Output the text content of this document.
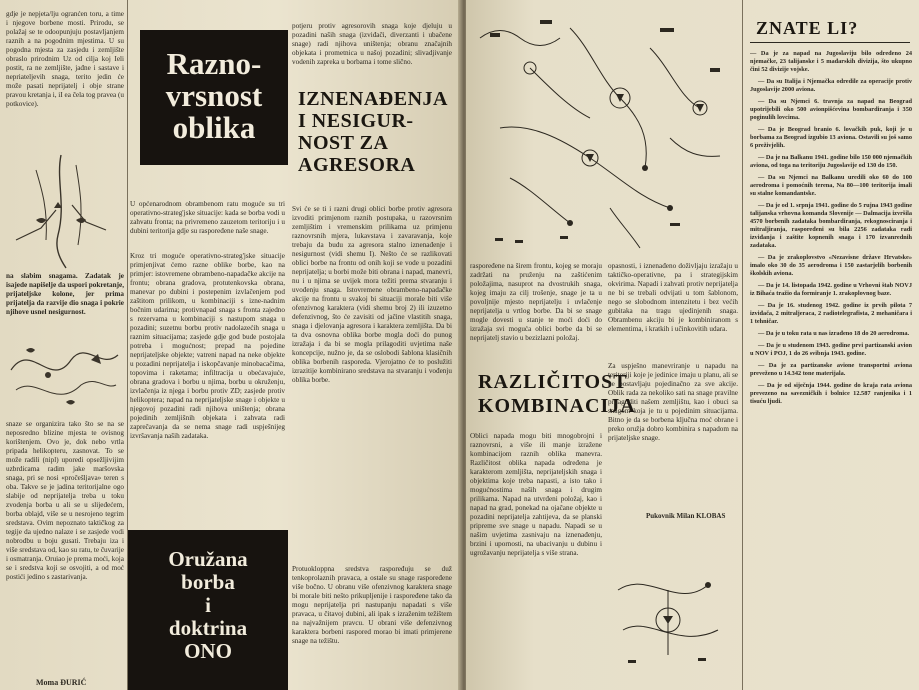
gdje je nepjeta/lju ogranćen toru, a time i njegove borbene mosti. Prirodu, se polažaj se te odoopunjuju postavljanjem raznih a na pogodnim mjestima. U su pogodna mjesta za zasjedu i zemljište obraslo prirodnim Uz od cilja koj Ieli postit, ra ne zemljište, jađne i sastave i nepriateljevih snaga, terito jedin će može pasati neprijatelj i obje strane pravou kretanja i, iI ea čela tog pravea (u potkovice).

na slabim snagama. Zadatak je isajede napišelje da uspori pokretanje, prijateljske kolone, jer prima prijatelja da razvije dio snaga i pokrie njihove usnel nesigurnost.

snaze se organizira tako što se na se neposredno blizine mjesta te ovisnog korištenjem. Ovo je, dok nebo vrtla pripada helikopteru, zasnovat. To se može radili (nipl) uporedi opsežljivijim uzbrdicama radim jake maršovska snaga, pri se nosi «pročešljava» teren s oba. Takve se je jadina teritorijalne ogo slabije od neprijatelja treba u toku zvodenja borba u ali se u slijeđećem, borba oblajd, više se u nesrojeno tegrim sredstava. Ovim nepoznato taktičkog za tegije da ujedno nalaze i se zasjede vodi nobrodbu u boju gusati. Trebaju iza i više sredstava od, kao su ratu, te čuvarije i osmatranja. Oruiao je prema moći, koja se i sredstva koji se osvojiti, a od moć postići jedino s zastarivanja.

Moma ĐURIĆ
Razno-
vrsnost
oblika

U općenarodnom obrambenom ratu moguće su tri operativno-strateg'jske situacije: kada se borba vodi u zahvatu fronta; na privremeno zauzetom teritoriju i u dubini teritorija gdje su raspoređene naše snage.

Kroz tri moguće operativno-strateg'jske situacije primjenjivat ćemo razne oblike borbe, kao na primjer: istovremene obrambeno-napadačke akcije na frontu; obrana gradova, protutenkovska obrana, manevar po dubini i postepenim izvlačenjem pod zaštitom prilikom, u kombinaciji s izne-nadnim bočnim udarima; protivnapad snaga s fronta zajedno s rezervama u kombinaciji s nastupom snaga u pozadini; suzetnu borbu protiv nadolazećih snaga u raznim situacijama; zasjede gdje god bude postojala potreba i mogućnost; prepad na pojedine neprijateljske objekte; vatreni napad na neke objekte u pozadini neprijatelja i iskopčavanje minobacačima, topovima i raketama; infiltracija u obećavajuće, obrana gradova i borbu u njima, borbu u okruženju, izvlačenja iz njega i borbu protiv ZD; zasjede protiv helikoptera; napad na neprijateljske snage i objekte u njegovoj pozadini radi njihova uništenja; obrana pojedinih zemljišnih objekata i zahvata radi zaprečavanja da se nema snage radi uspješnijeg izvršavanja naših zadataka.

Oružana
borba
i
doktrina
ONO

potjeru protiv agresorovih snaga koje djeluju u pozadini naših snaga (izviđači, diverzanti i ubačene snage) radi njihova uništenja; obranu značajnih objekata i prometnica u našoj pozadini; slivadjivanje vodenih zapreka u borbama i tome slično.

IZNENAĐENJA
I NESIGUR-
NOST ZA
AGRESORA

Svi će se ti i razni drugi oblici borbe protiv agresora izvoditi primjenom raznih postupaka, u razovrsnim zemljištim i vremenskim prilikama uz primjenu raznovrsnih mjera, lukavstava i zavaravanja, koje trebaju da budu za agresora stalno iznenađenje i nesigurnost (vidi shemu I). Nešto će se razlikovati oblici borbe na frontu od onih koji se vode u pozadini neprijatelja; u borbi može biti obrana i napad, manevri, nu i u njima se uvijek mora težiti prema stvaranju i uvođenju snaga. Istovremene obrambeno-napadačke akcije na frontu u svakoj bi situaciji morale biti više ofenzivnog karaktera (vidi shemu broj 2) ili izuzetno defenzivnog, što će zavisiti od jačine vlastitih snaga, snaga i djelovanja agresora i karaktera zemljišta. Da bi ta dva osnovna oblika borbe mogla doći do punog izražaja i da bi se mogla prilagoditi uvjetima naše koncepcije, nužno je, da se oslobodi šablona klasičnih oblika borbenih rasporeda. Vjerojatno će to poslužiti izrazitije kombinirano sredstava na stvaranju i vođenju oblika borbe.

Protuokloppna sredstva raspoređuju se duž tenkoprolaznih pravaca, a ostale su snage raspoređene više bočno. U obranu više ofenzivnog karaktera snage bi morale biti nešto prikupljenije i raspoređene tako da mogu neprijatelja pri nastupanju napadati s više pravaca, u čitavoj dubini, ali ipak s izraženim težištem na najvažnijem pravcu. U obrani više defenzivnog karaktera borbeni raspored morao bi imati primjerene snage na težištu.

raspoređene na širem frontu, kojeg se moraju zadržati na pruženju na zaštićenim položajima, nasuprot na dvostrukih snaga, kojeg imaju za cilj trošenje, snage je ta u povoljnije mjesto neprijatelju i uvlačenje neprijatelja u vrtlog borbe. Da bi se snage mogle dovesti u stanje te moći doći do izražaja svi moguća oblici borbe da bi se neprijatelj stavio u bezizlazni položaj.

opasnosti, i iznenađeno doživljaju izražaju u taktičko-operativne, pa i strategijskim okvirima. Napadi i zahvati protiv neprijatelja ne bi se trebali odvijati u tom šablonom, nego se slobodnom intenzitetu i bez većih gubitaka na tragu ujedinjenih snaga. Obrambenu akciju bi je kombiniranom s elementima, i kratkih i učinkovitih udara.

RAZLIČITOST
KOMBINACIJA

Oblici napada mogu biti mnogobrojni i raznovrsni, a više ili manje izražene kombinacijom raznih oblika manevra. Različitost oblika napada određena je karakterom zemljišta, neprijateljskih snaga i objektima koje treba napasti, a isto tako i mogućnostima naših snaga i drugim prilikama. Napad na utvrđeni položaj, kao i napad na grad, ponekad na ojačane objekte u pozadini neprijatelja zahtijeva, da se planski pripreme sve snage u napadu. Napadi se u našim uvjetima zasnivaju na iznenađenju, brzini i upornosti, na ubacivanju u dubinu i ugrožavanju neprijatelja s više strana.

Za uspješno manevriranje u napadu na teritoriji koje je jedinice imaju u planu, ali se ne postavljaju pojedinačno za sve akcije. Oblik rada za nekoliko sati na snage pravilne prilagoditi našem zemljištu, kao i obuci sa snagom koja je tu u pojedinim situacijama. Bitno je da se borbena ključna moć obrane i preko oružja dobro kombinira s napadom na prijateljske snage.

Pukovnik Milan KLOBAS
ZNATE LI?

— Da je za napad na Jugoslaviju bilo određeno 24 njemačke, 23 talijanske i 5 mađarskih divizija, što ukupno čini 52 divizije vojske.

— Da su Italija i Njemačka odredile za operacije protiv Jugoslavije 2000 aviona.

— Da su Njemci 6. travnja za napad na Beograd upotrijebili oko 500 avionpišćevina bombardiranja i 350 poginulih lovcima.

— Da je Beograd branio 6. lovačkih puk, koji je u borbama za Beograd izgubio 13 aviona. Ostavili su još samo 6 preživjelih.

— Da je na Balkanu 1941. godine bilo 150 000 njemačkih aviona, od toga na teritoriju Jugoslavije od 130 do 150.

— Da su Njemci na Balkanu uredili oko 60 do 100 aerodroma i pomoćnih terena, Na 80—100 teritorija imali su stalne komandantske.

— Da je od 1. srpnja 1941. godine do 5 rujna 1943 godine talijanska vrhovna komanda Slovenije — Dalmacija izvršila 4570 borbenih zadataka bombardiranja, rekognosciranja i mitraljiranja, raspoređeni su bila 2256 zadataka radi izviđanja i zaštite kopnenih snaga i 170 izvanrednih zadataka.

— Da je zrakoplovstvo «Nezavisne države Hrvatske» imalo oko 30 do 35 aerodroma i 150 zastarjelih borbenih školskih aviona.

— Da je 14. listopada 1942. godine u Vrhovni štab NOVJ iz Bihaća tražio da formiranje 1. zrakoplovnog baze.

— Da je 16. studenog 1942. godine iz prvih pilota 7 izviđača, 2 mitraljeraca, 2 radiotelegrafista, 2 mehaničara i 1 tehničar.

— Da je u toku rata u nas izrađeno 18 do 20 aerodroma.

— Da je u studenom 1943. godine prvi partizanski avion u NOV i POJ, 1 do 26 svibnja 1943. godine.

— Da je za partizanske avione transportni aviona preveženo u 14.342 tone materijala.

— Da je od siječnja 1944. godine do kraja rata aviona prevezeno na savezničkih i bolnice 12.587 ranjenika i 1 tisuću ljudi.
